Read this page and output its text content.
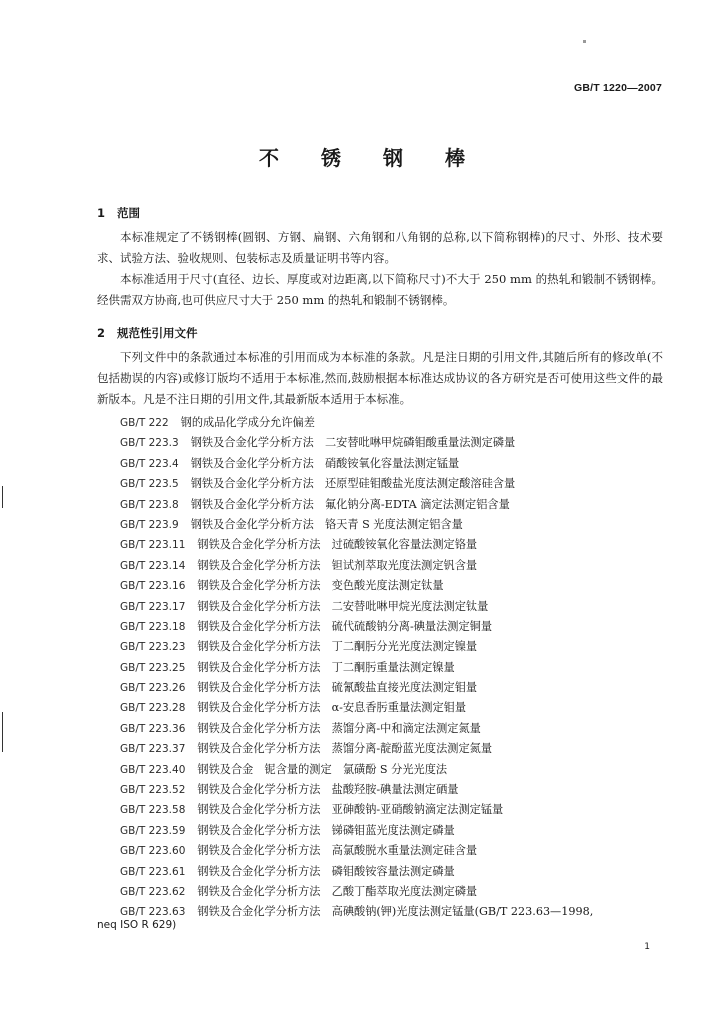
GB/T 1220—2007
不锈钢棒
1 范围

本标准规定了不锈钢棒(圆钢、方钢、扁钢、六角钢和八角钢的总称,以下简称钢棒)的尺寸、外形、技术要求、试验方法、验收规则、包装标志及质量证明书等内容。

本标准适用于尺寸(直径、边长、厚度或对边距离,以下简称尺寸)不大于 250 mm 的热轧和锻制不锈钢棒。经供需双方协商,也可供应尺寸大于 250 mm 的热轧和锻制不锈钢棒。

2 规范性引用文件

下列文件中的条款通过本标准的引用而成为本标准的条款。凡是注日期的引用文件,其随后所有的修改单(不包括勘误的内容)或修订版均不适用于本标准,然而,鼓励根据本标准达成协议的各方研究是否可使用这些文件的最新版本。凡是不注日期的引用文件,其最新版本适用于本标准。

GB/T 222 钢的成品化学成分允许偏差
GB/T 223.3 钢铁及合金化学分析方法　二安替吡啉甲烷磷钼酸重量法测定磷量
GB/T 223.4 钢铁及合金化学分析方法　硝酸铵氧化容量法测定锰量
GB/T 223.5 钢铁及合金化学分析方法　还原型硅钼酸盐光度法测定酸溶硅含量
GB/T 223.8 钢铁及合金化学分析方法　氟化钠分离-EDTA 滴定法测定铝含量
GB/T 223.9 钢铁及合金化学分析方法　铬天青 S 光度法测定铝含量
GB/T 223.11 钢铁及合金化学分析方法　过硫酸铵氧化容量法测定铬量
GB/T 223.14 钢铁及合金化学分析方法　钽试剂萃取光度法测定钒含量
GB/T 223.16 钢铁及合金化学分析方法　变色酸光度法测定钛量
GB/T 223.17 钢铁及合金化学分析方法　二安替吡啉甲烷光度法测定钛量
GB/T 223.18 钢铁及合金化学分析方法　硫代硫酸钠分离-碘量法测定铜量
GB/T 223.23 钢铁及合金化学分析方法　丁二酮肟分光光度法测定镍量
GB/T 223.25 钢铁及合金化学分析方法　丁二酮肟重量法测定镍量
GB/T 223.26 钢铁及合金化学分析方法　硫氰酸盐直接光度法测定钼量
GB/T 223.28 钢铁及合金化学分析方法　α-安息香肟重量法测定钼量
GB/T 223.36 钢铁及合金化学分析方法　蒸馏分离-中和滴定法测定氮量
GB/T 223.37 钢铁及合金化学分析方法　蒸馏分离-靛酚蓝光度法测定氮量
GB/T 223.40 钢铁及合金　铌含量的测定　氯磺酚 S 分光光度法
GB/T 223.52 钢铁及合金化学分析方法　盐酸羟胺-碘量法测定硒量
GB/T 223.58 钢铁及合金化学分析方法　亚砷酸钠-亚硝酸钠滴定法测定锰量
GB/T 223.59 钢铁及合金化学分析方法　锑磷钼蓝光度法测定磷量
GB/T 223.60 钢铁及合金化学分析方法　高氯酸脱水重量法测定硅含量
GB/T 223.61 钢铁及合金化学分析方法　磷钼酸铵容量法测定磷量
GB/T 223.62 钢铁及合金化学分析方法　乙酸丁酯萃取光度法测定磷量
GB/T 223.63 钢铁及合金化学分析方法　高碘酸钠(钾)光度法测定锰量(GB/T 223.63—1998,
neq ISO R 629)
1
